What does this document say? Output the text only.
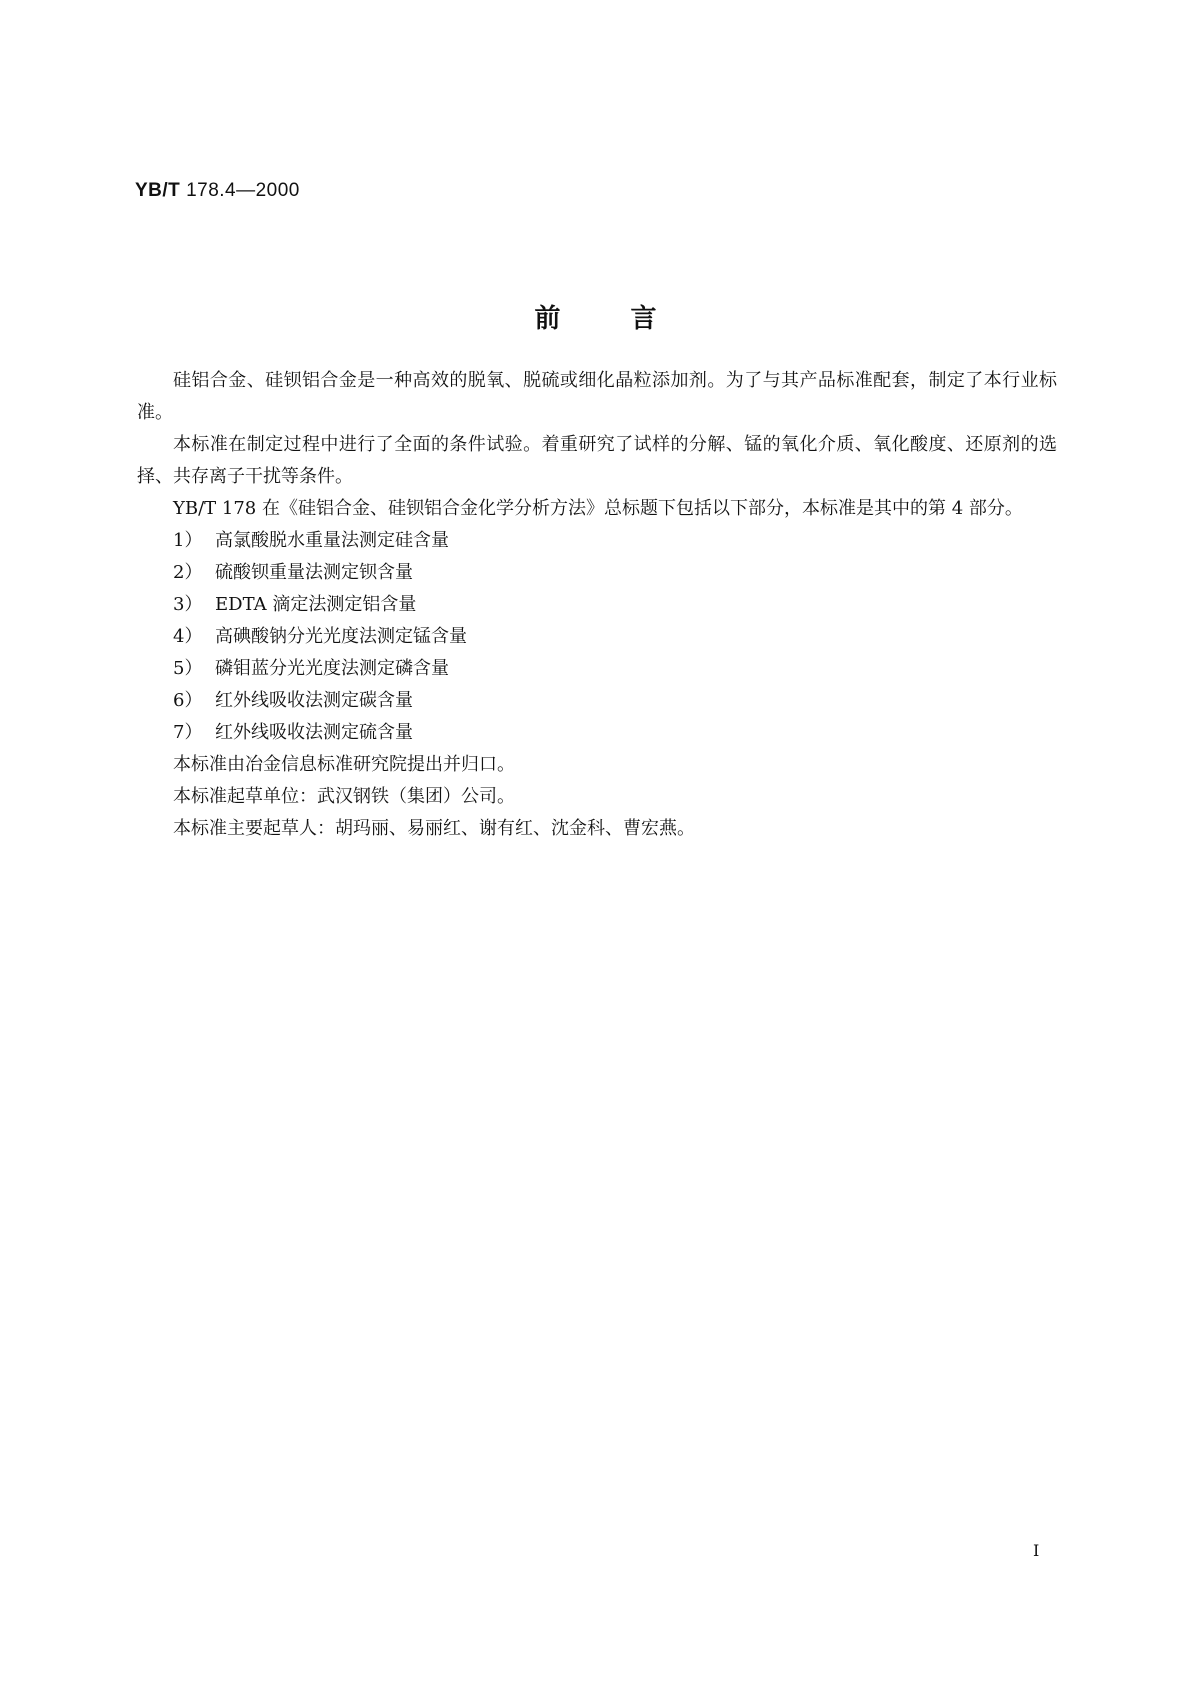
YB/T 178.4—2000
前言

硅铝合金、硅钡铝合金是一种高效的脱氧、脱硫或细化晶粒添加剂。为了与其产品标准配套，制定了本行业标准。

本标准在制定过程中进行了全面的条件试验。着重研究了试样的分解、锰的氧化介质、氧化酸度、还原剂的选择、共存离子干扰等条件。

YB/T 178 在《硅铝合金、硅钡铝合金化学分析方法》总标题下包括以下部分，本标准是其中的第 4 部分。

1） 高氯酸脱水重量法测定硅含量
2） 硫酸钡重量法测定钡含量
3） EDTA 滴定法测定铝含量
4） 高碘酸钠分光光度法测定锰含量
5） 磷钼蓝分光光度法测定磷含量
6） 红外线吸收法测定碳含量
7） 红外线吸收法测定硫含量

本标准由冶金信息标准研究院提出并归口。

本标准起草单位：武汉钢铁（集团）公司。

本标准主要起草人：胡玛丽、易丽红、谢有红、沈金科、曹宏燕。

I
